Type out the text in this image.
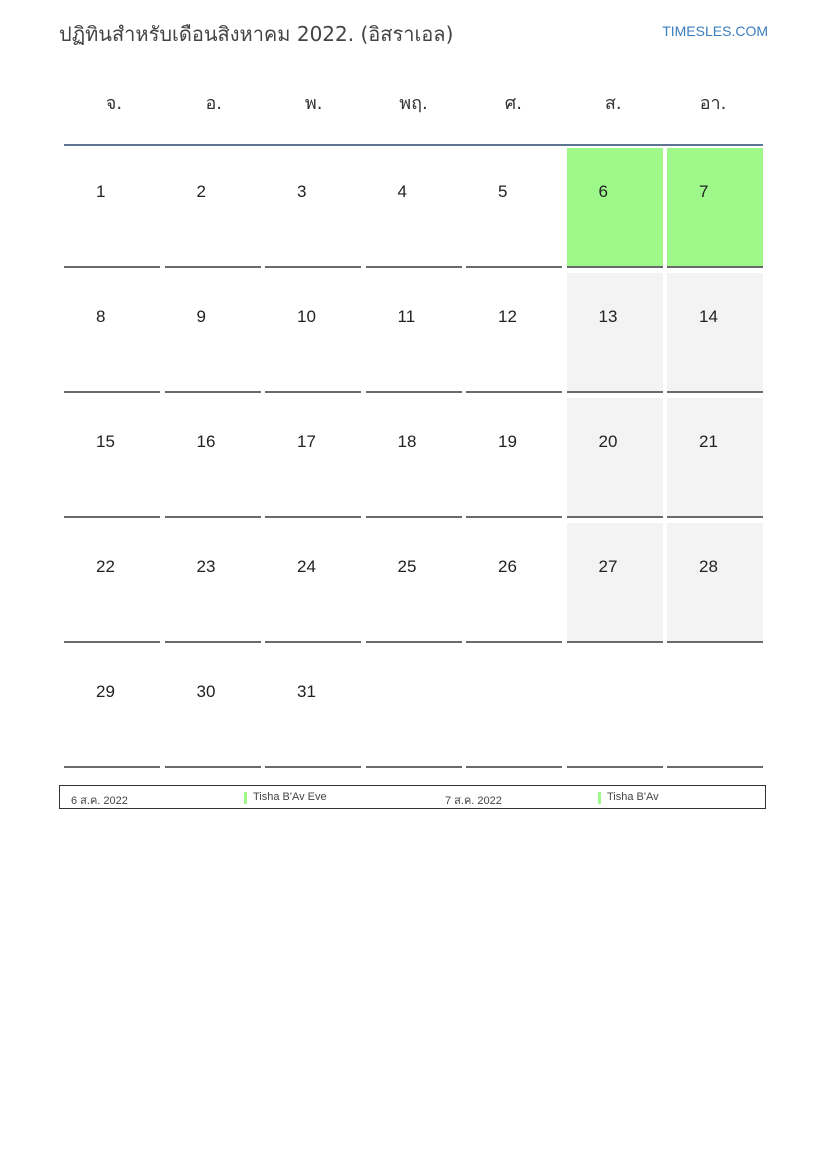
ปฏิทินสำหรับเดือนสิงหาคม 2022. (อิสราเอล)	TIMESLES.COM
จ.	อ.	พ.	พฤ.	ศ.	ส.	อา.
1	2	3	4	5	6	7
8	9	10	11	12	13	14
15	16	17	18	19	20	21
22	23	24	25	26	27	28
29	30	31
6 ส.ค. 2022	Tisha B'Av Eve	7 ส.ค. 2022	Tisha B'Av
